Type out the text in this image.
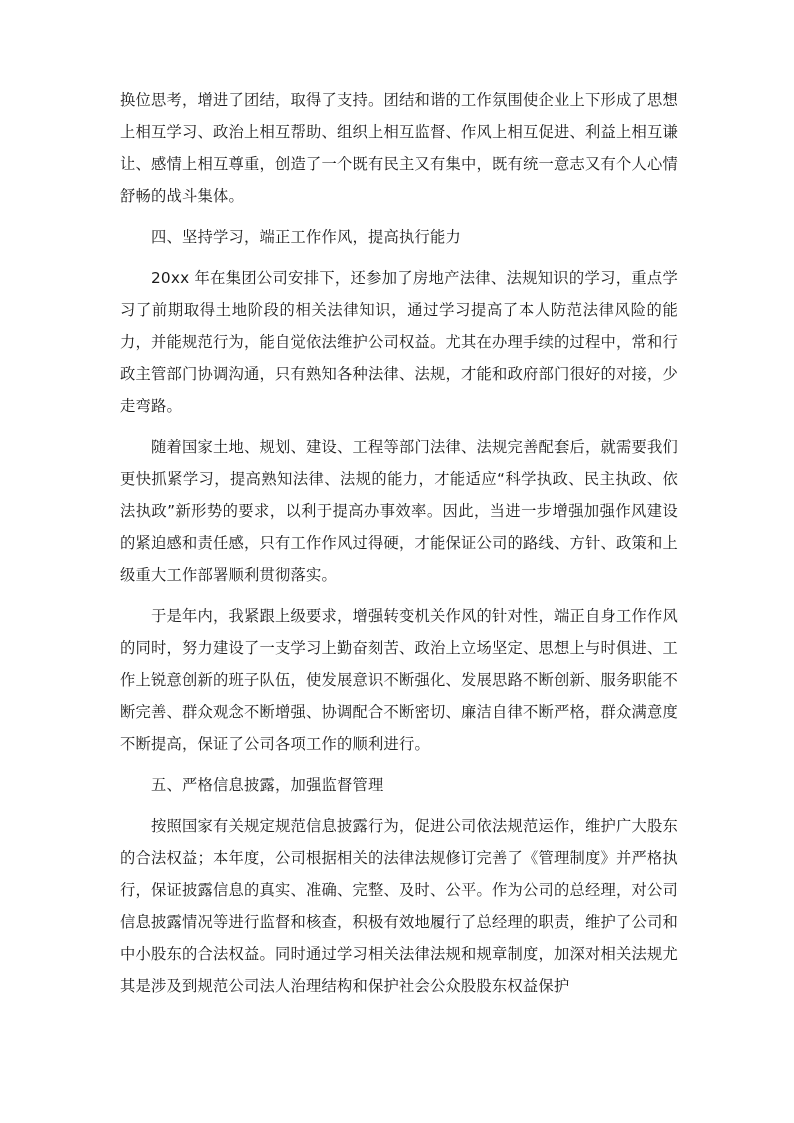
换位思考，增进了团结，取得了支持。团结和谐的工作氛围使企业上下形成了思想上相互学习、政治上相互帮助、组织上相互监督、作风上相互促进、利益上相互谦让、感情上相互尊重，创造了一个既有民主又有集中，既有统一意志又有个人心情舒畅的战斗集体。

四、坚持学习，端正工作作风，提高执行能力

20xx 年在集团公司安排下，还参加了房地产法律、法规知识的学习，重点学习了前期取得土地阶段的相关法律知识，通过学习提高了本人防范法律风险的能力，并能规范行为，能自觉依法维护公司权益。尤其在办理手续的过程中，常和行政主管部门协调沟通，只有熟知各种法律、法规，才能和政府部门很好的对接，少走弯路。

随着国家土地、规划、建设、工程等部门法律、法规完善配套后，就需要我们更快抓紧学习，提高熟知法律、法规的能力，才能适应“科学执政、民主执政、依法执政”新形势的要求，以利于提高办事效率。因此，当进一步增强加强作风建设的紧迫感和责任感，只有工作作风过得硬，才能保证公司的路线、方针、政策和上级重大工作部署顺利贯彻落实。

于是年内，我紧跟上级要求，增强转变机关作风的针对性，端正自身工作作风的同时，努力建设了一支学习上勤奋刻苦、政治上立场坚定、思想上与时俱进、工作上锐意创新的班子队伍，使发展意识不断强化、发展思路不断创新、服务职能不断完善、群众观念不断增强、协调配合不断密切、廉洁自律不断严格，群众满意度不断提高，保证了公司各项工作的顺利进行。

五、严格信息披露，加强监督管理

按照国家有关规定规范信息披露行为，促进公司依法规范运作，维护广大股东的合法权益；本年度，公司根据相关的法律法规修订完善了《管理制度》并严格执行，保证披露信息的真实、准确、完整、及时、公平。作为公司的总经理，对公司信息披露情况等进行监督和核查，积极有效地履行了总经理的职责，维护了公司和中小股东的合法权益。同时通过学习相关法律法规和规章制度，加深对相关法规尤其是涉及到规范公司法人治理结构和保护社会公众股股东权益保护
